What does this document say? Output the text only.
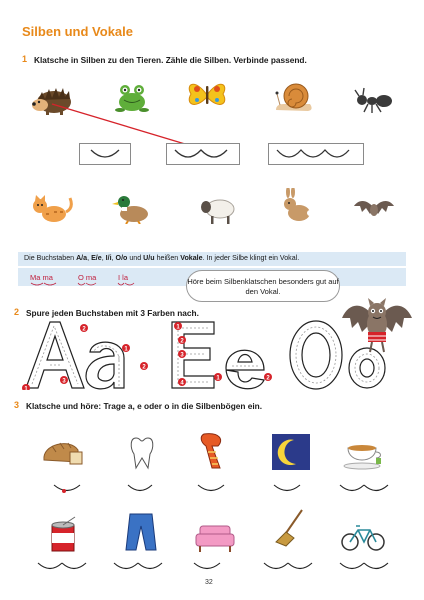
Silben und Vokale
1 Klatsche in Silben zu den Tieren. Zähle die Silben. Verbinde passend.
Die Buchstaben A/a, E/e, I/i, O/o und U/u heißen Vokale. In jeder Silbe klingt ein Vokal.
Ma ma	O ma	I la	Höre beim Silbenklatschen besonders gut auf den Vokal.
2 Spure jeden Buchstaben mit 3 Farben nach.
2
1
3
1
2
1
2
3
4
1	2
3 Klatsche und höre: Trage a, e oder o in die Silbenbögen ein.
32
